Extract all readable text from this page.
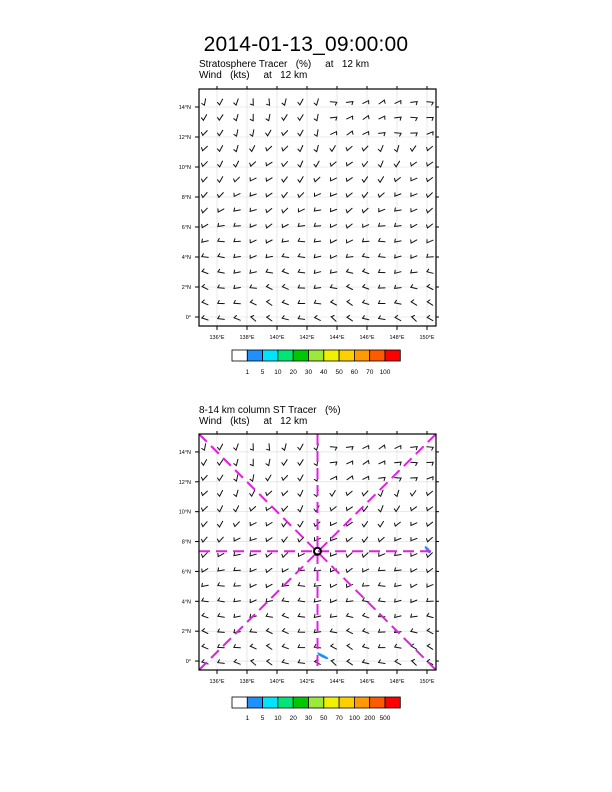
2014-01-13_09:00:00
Stratosphere Tracer   (%)     at   12 km
Wind   (kts)     at   12 km
8-14 km column ST Tracer   (%)
Wind   (kts)     at   12 km
136°E	138°E	140°E	142°E	144°E	146°E	148°E	150°E
14°N
12°N
10°N
8°N
6°N
4°N
2°N
0°
1 5 10 20 30 40 50 60 70 100
136°E	138°E	140°E	142°E	144°E	146°E	148°E	150°E
14°N
12°N
10°N
8°N
6°N
4°N
2°N
0°
1 5 10 20 30 50 70 100 200 500
